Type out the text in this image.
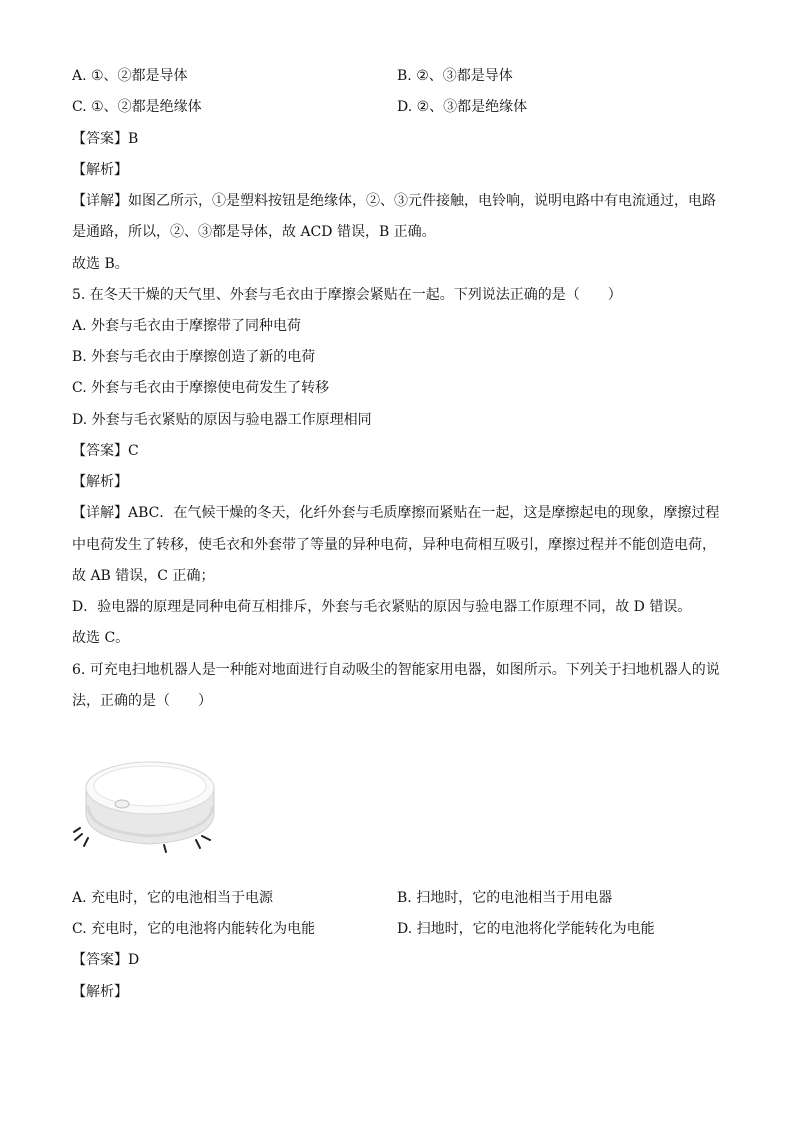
A. ①、②都是导体	B. ②、③都是导体
C. ①、②都是绝缘体	D. ②、③都是绝缘体
【答案】B
【解析】
【详解】如图乙所示，①是塑料按钮是绝缘体，②、③元件接触，电铃响，说明电路中有电流通过，电路
是通路，所以，②、③都是导体，故 ACD 错误，B 正确。
故选 B。
5. 在冬天干燥的天气里、外套与毛衣由于摩擦会紧贴在一起。下列说法正确的是（　　）
A. 外套与毛衣由于摩擦带了同种电荷
B. 外套与毛衣由于摩擦创造了新的电荷
C. 外套与毛衣由于摩擦使电荷发生了转移
D. 外套与毛衣紧贴的原因与验电器工作原理相同
【答案】C
【解析】
【详解】ABC．在气候干燥的冬天，化纤外套与毛质摩擦而紧贴在一起，这是摩擦起电的现象，摩擦过程
中电荷发生了转移，使毛衣和外套带了等量的异种电荷，异种电荷相互吸引，摩擦过程并不能创造电荷，
故 AB 错误，C 正确；
D．验电器的原理是同种电荷互相排斥，外套与毛衣紧贴的原因与验电器工作原理不同，故 D 错误。
故选 C。
6. 可充电扫地机器人是一种能对地面进行自动吸尘的智能家用电器，如图所示。下列关于扫地机器人的说
法，正确的是（　　）
A. 充电时，它的电池相当于电源	B. 扫地时，它的电池相当于用电器
C. 充电时，它的电池将内能转化为电能	D. 扫地时，它的电池将化学能转化为电能
【答案】D
【解析】
